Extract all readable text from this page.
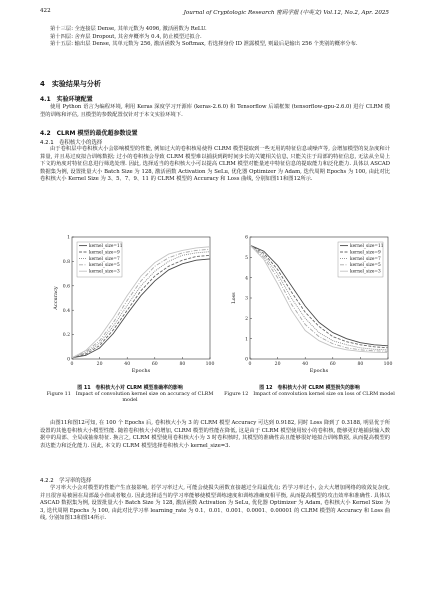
422	Journal of Cryptologic Research 密码学报 (中英文) Vol.12, No.2, Apr. 2025

第十三层: 全连接层 Dense, 其单元数为 4096, 激活函数为 ReLU.

第十四层: 舍弃层 Dropout, 其舍弃概率为 0.4, 防止模型过拟合.

第十五层: 输出层 Dense, 其单元数为 256, 激活函数为 Softmax, 若选择身份 ID 泄露模型, 则最后是输出 256 个类别的概率分布.

4　实验结果与分析
4.1　实验环境配置

使用 Python 语言为编程环境, 利用 Keras 深度学习开源库 (keras-2.6.0) 和 Tensorflow 后端框架 (tensorflow-gpu-2.6.0) 进行 CLRM 模型的训练和评估, 且模型的参数配置仅针对于本文实验环境下.

4.2　CLRM 模型的最优超参数设置
4.2.1　卷积核大小的选择

由于卷积层中卷积核大小会影响模型的性能, 例如过大的卷积核易使得 CLRM 模型提取到一些无用的特征信息或噪声等, 会增加模型的复杂度和计算量, 并且易过度拟合训练数据; 过小的卷积核会导致 CLRM 模型难以捕获到跨时间步长的关键相关信息, 只能关注于局部的特征信息, 无法从全局上下文的角度对特征信息进行筛选处理. 因此, 选择适当的卷积核大小可以提高 CLRM 模型对能量迹中特征信息的提取能力和泛化能力. 具体以 ASCAD 数据集为例, 设置批量大小 Batch Size 为 128, 激活函数 Activation 为 SeLu, 优化器 Optimizer 为 Adam, 迭代周期 Epochs 为 100, 由此对比卷积核大小 Kernel Size 为 3、5、7、9、11 的 CLRM 模型的 Accuracy 和 Loss 曲线, 分别如图11和图12所示.

0	20	40	60	80	100
0
0.2
0.4
0.6
0.8
1
Epochs
Accuracy
kernel_size=11
kernel_size=9
kernel_size=7
kernel_size=5
kernel_size=3
0	20	40	60	80	100
0
1
2
3
4
5
6
Epochs
Loss
kernel_size=11
kernel_size=9
kernel_size=7
kernel_size=5
kernel_size=3
图 11　卷积核大小对 CLRM 模型准确率的影响
Figure 11　Impact of convolution kernel size on accuracy of CLRM model
图 12　卷积核大小对 CLRM 模型损失的影响
Figure 12　Impact of convolution kernel size on loss of CLRM model

由图11和图12可知, 在 100 个 Epochs 后, 卷积核大小为 3 的 CLRM 模型 Accuracy 可达到 0.9182, 同时 Loss 降到了 0.3188, 明显优于所设置的其他卷积核大小模型性能. 随着卷积核大小的增加, CLRM 模型的性能在降低, 这是由于 CLRM 模型使用较小的卷积核, 能够更好地捕获输入数据中的局部、全局或抽象特征. 换言之, CLRM 模型使用卷积核大小为 3 时卷积核时, 其模型的准确性高且能够很好地拟合训练数据, 从而提高模型的表达能力和泛化能力. 因此, 本文的 CLRM 模型选择卷积核大小 kernel_size=3.

4.2.2　学习率的选择

学习率大小会对模型的性能产生直接影响, 若学习率过大, 可能会使损失函数直接越过全局最优点; 若学习率过小, 会大大增加网络的收敛复杂度, 并且很容易被困在局部最小值或者鞍点. 因此选择适当的学习率能够使模型训练速度和训练准确度相平衡, 从而提高模型的攻击效率和准确性. 具体以 ASCAD 数据集为例, 设置批量大小 Batch Size 为 128, 激活函数 Activation 为 SeLu, 优化器 Optimizer 为 Adam, 卷积核大小 Kernel Size 为 3, 迭代周期 Epochs 为 100, 由此对比学习率 learning_rate 为 0.1、0.01、0.001、0.0001、0.00001 的 CLRM 模型的 Accuracy 和 Loss 曲线, 分别如图13和图14所示.
